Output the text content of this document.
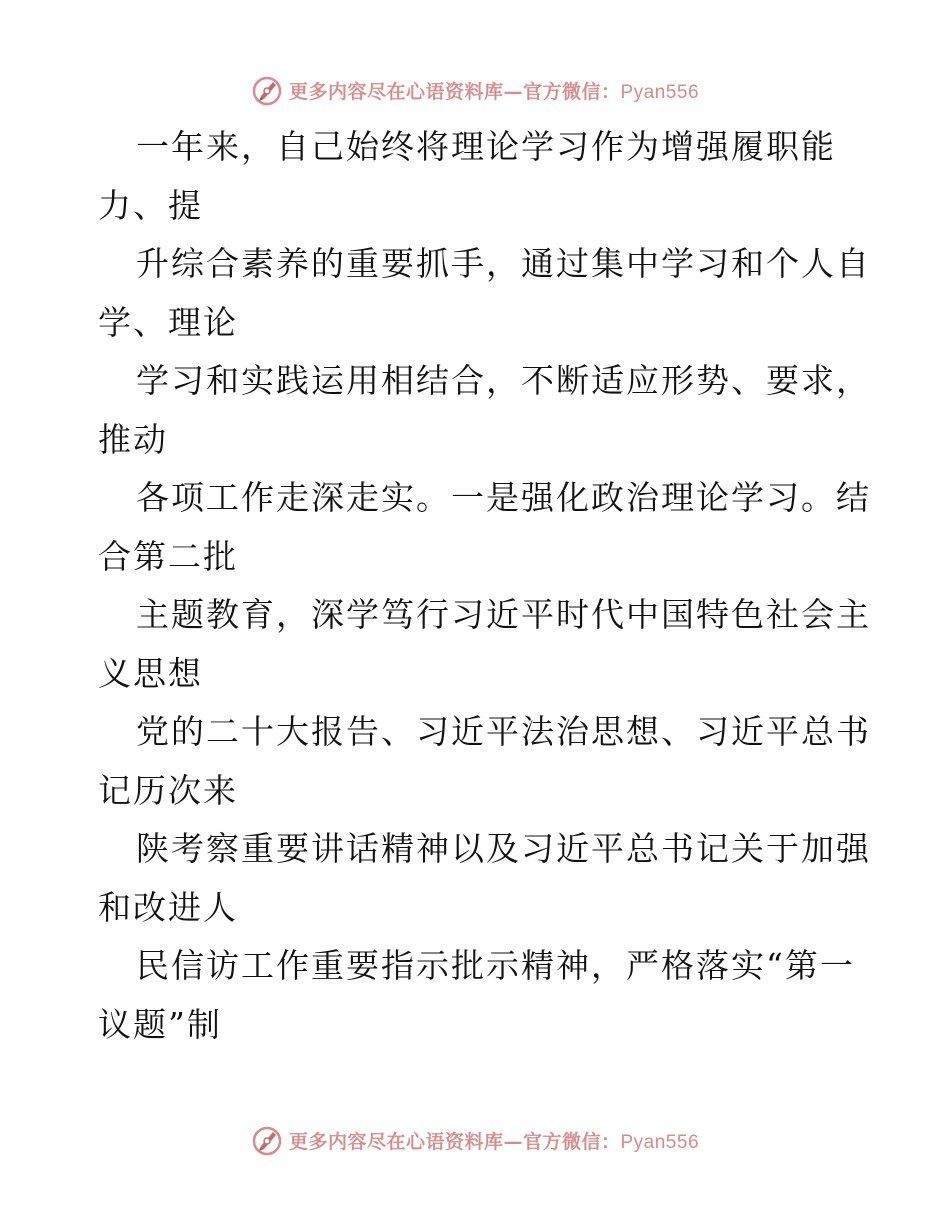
更多内容尽在心语资料库—官方微信：Pyan556

一年来，自己始终将理论学习作为增强履职能
力、提

升综合素养的重要抓手，通过集中学习和个人自
学、理论

学习和实践运用相结合，不断适应形势、要求，
推动

各项工作走深走实。一是强化政治理论学习。结
合第二批

主题教育，深学笃行习近平时代中国特色社会主
义思想

党的二十大报告、习近平法治思想、习近平总书
记历次来

陕考察重要讲话精神以及习近平总书记关于加强
和改进人

民信访工作重要指示批示精神，严格落实“第一
议题”制

更多内容尽在心语资料库—官方微信：Pyan556
